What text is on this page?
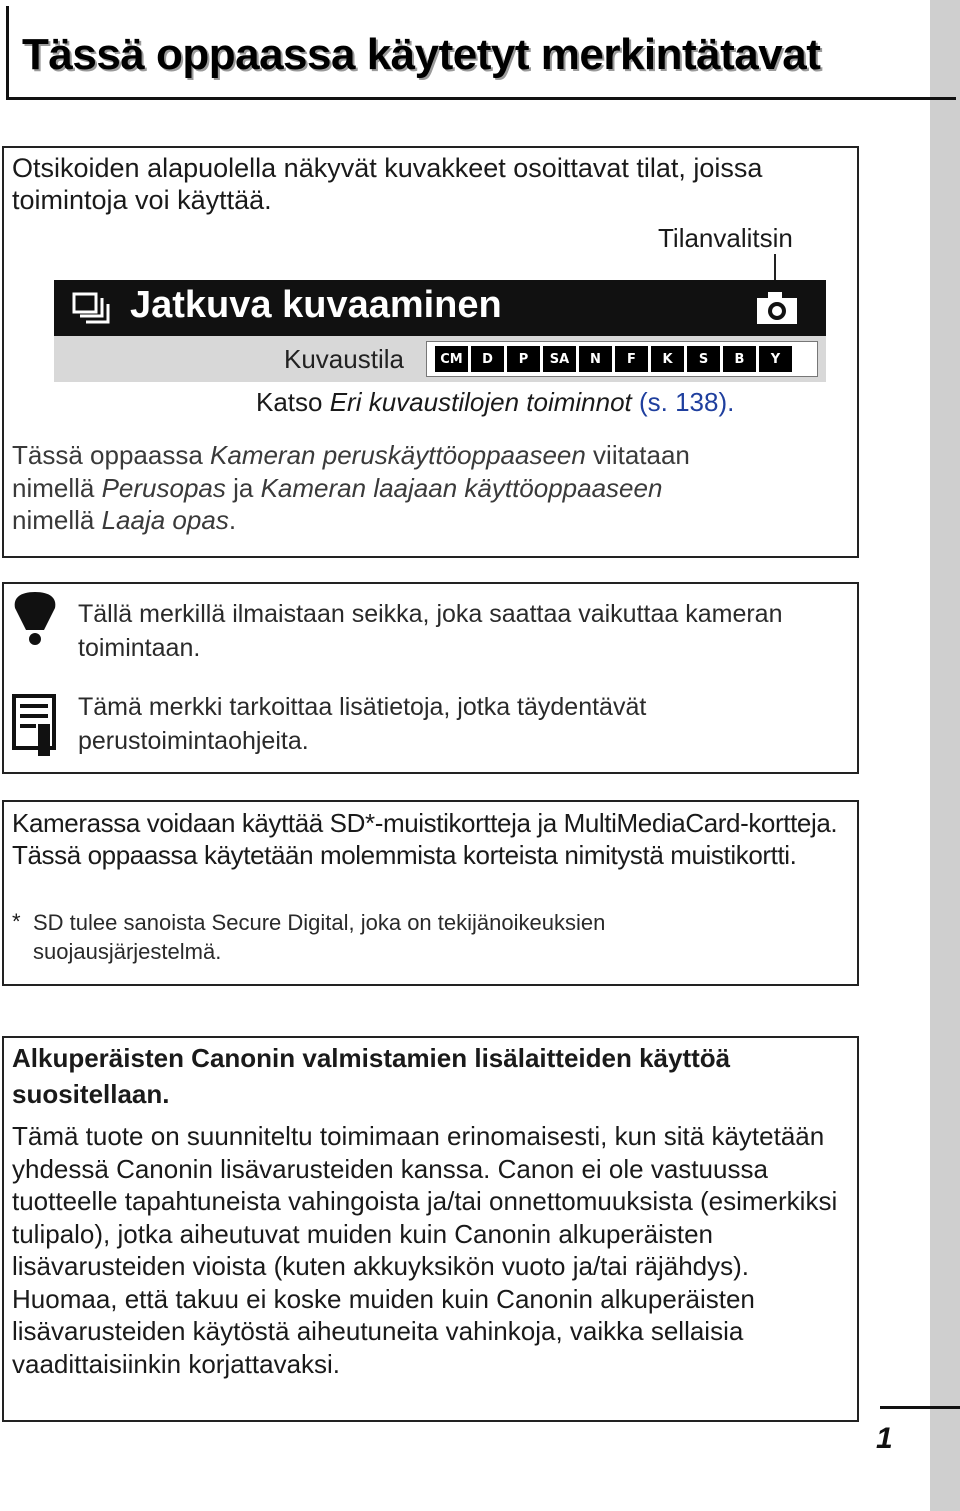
Tässä oppaassa käytetyt merkintätavat

Otsikoiden alapuolella näkyvät kuvakkeet osoittavat tilat, joissa toimintoja voi käyttää.

Tilanvalitsin
Jatkuva kuvaaminen
Kuvaustila	CM	D	P	SA	N	F	K	S	B	Y

Katso Eri kuvaustilojen toiminnot (s. 138).

Tässä oppaassa Kameran peruskäyttöoppaaseen viitataan

nimellä Perusopas ja Kameran laajaan käyttöoppaaseen

nimellä Laaja opas.

Tällä merkillä ilmaistaan seikka, joka saattaa vaikuttaa kameran toimintaan.

Tämä merkki tarkoittaa lisätietoja, jotka täydentävät perustoimintaohjeita.

Kamerassa voidaan käyttää SD*-muistikortteja ja MultiMediaCard-kortteja. Tässä oppaassa käytetään molemmista korteista nimitystä muistikortti.

* SD tulee sanoista Secure Digital, joka on tekijänoikeuksien suojausjärjestelmä.

Alkuperäisten Canonin valmistamien lisälaitteiden käyttöä suositellaan.

Tämä tuote on suunniteltu toimimaan erinomaisesti, kun sitä käytetään yhdessä Canonin lisävarusteiden kanssa. Canon ei ole vastuussa tuotteelle tapahtuneista vahingoista ja/tai onnettomuuksista (esimerkiksi tulipalo), jotka aiheutuvat muiden kuin Canonin alkuperäisten lisävarusteiden vioista (kuten akkuyksikön vuoto ja/tai räjähdys). Huomaa, että takuu ei koske muiden kuin Canonin alkuperäisten lisävarusteiden käytöstä aiheutuneita vahinkoja, vaikka sellaisia vaadittaisiinkin korjattavaksi.

1
